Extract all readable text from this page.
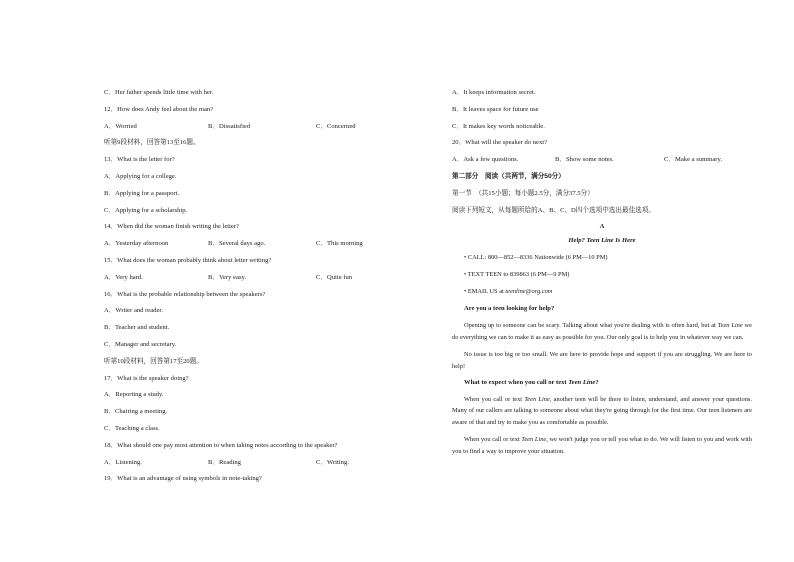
C．Her father spends little time with her.
12．How does Andy feel about the man?
A．Worried	B．Dissatisfied	C．Concerned
听第9段材料，回答第13至16题。
13．What is the letter for?
A．Applying for a college.
B．Applying for a passport.
C．Applying for a scholarship.
14．When did the woman finish writing the letter?
A．Yesterday afternoon	B．Several days ago.	C．This morning
15．What does the woman probably think about letter writing?
A．Very hard.	B．Very easy.	C．Quite fun
16．What is the probable relationship between the speakers?
A．Writer and reader.
B．Teacher and student.
C．Manager and secretary.
听第10段材料，回答第17至20题。
17．What is the speaker doing?
A．Reporting a study.
B．Chairing a meeting.
C．Teaching a class.
18．What should one pay most attention to when taking notes according to the speaker?
A．Listening.	B．Reading	C．Writing.
19．What is an advantage of using symbols in note-taking?
A．It keeps information secret.
B．It leaves space for future use
C．It makes key words noticeable.
20．What will the speaker do next?
A．Ask a few questions.	B．Show some notes.	C．Make a summary.
第二部分　阅读（共两节，满分50分）
第一节　（共15小题；每小题2.5分，满分37.5分）
阅读下列短文，从每题所给的A、B、C、D四个选项中选出最佳选项。
A
Help? Teen Line Is Here
• CALL: 800—852—8336 Nationwide (6 PM—10 PM)
• TEXT TEEN to 839863 (6 PM—9 PM)
• EMAIL US at teenline@org.com
Are you a teen looking for help?

Opening up to someone can be scary. Talking about what you're dealing with is often hard, but at Teen Line we do everything we can to make it as easy as possible for you. Our only goal is to help you in whatever way we can.

No issue is too big or too small. We are here to provide hope and support if you are struggling. We are here to help!

What to expect when you call or text Teen Line?

When you call or text Teen Line, another teen will be there to listen, understand, and answer your questions. Many of our callers are talking to someone about what they're going through for the first time. Our teen listeners are aware of that and try to make you as comfortable as possible.

When you call or text Teen Line, we won't judge you or tell you what to do. We will listen to you and work with you to find a way to improve your situation.
